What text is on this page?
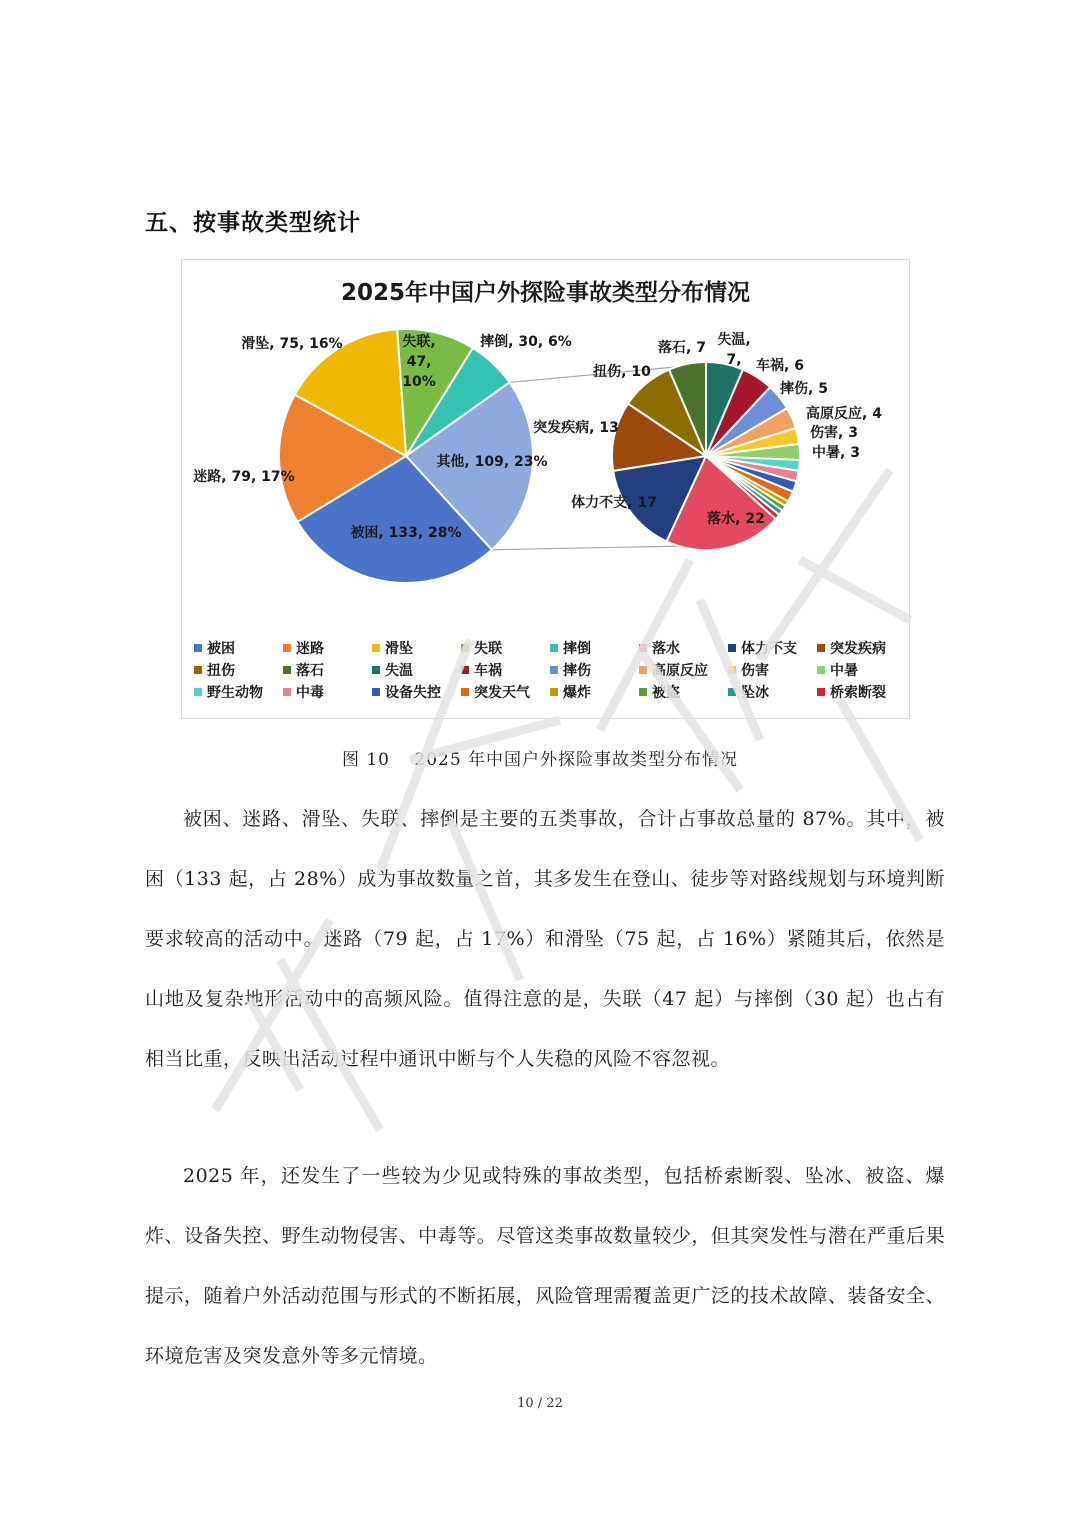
五、按事故类型统计
被困, 133, 28%
迷路, 79, 17%
滑坠, 75, 16%	失联,
47,
10%
摔倒, 30, 6%
其他, 109, 23%
落水, 22
体力不支, 17
突发疾病, 13
扭伤, 10
落石, 7 失温,
7, 车祸, 6
摔伤, 5
高原反应, 4
伤害, 3
中暑, 3
2025年中国户外探险事故类型分布情况
被困	迷路	滑坠	失联	摔倒	落水	体力不支	突发疾病
扭伤	落石	失温	车祸	摔伤	高原反应	伤害	中暑
野生动物	中毒	设备失控	突发天气	爆炸	被盗	坠冰	桥索断裂
图 10　 2025 年中国户外探险事故类型分布情况
被困、迷路、滑坠、失联、摔倒是主要的五类事故，合计占事故总量的 87%。其中，被困（133 起，占 28%）成为事故数量之首，其多发生在登山、徒步等对路线规划与环境判断要求较高的活动中。迷路（79 起，占 17%）和滑坠（75 起，占 16%）紧随其后，依然是山地及复杂地形活动中的高频风险。值得注意的是，失联（47 起）与摔倒（30 起）也占有相当比重，反映出活动过程中通讯中断与个人失稳的风险不容忽视。
2025 年，还发生了一些较为少见或特殊的事故类型，包括桥索断裂、坠冰、被盗、爆炸、设备失控、野生动物侵害、中毒等。尽管这类事故数量较少，但其突发性与潜在严重后果提示，随着户外活动范围与形式的不断拓展，风险管理需覆盖更广泛的技术故障、装备安全、环境危害及突发意外等多元情境。
10 / 22
